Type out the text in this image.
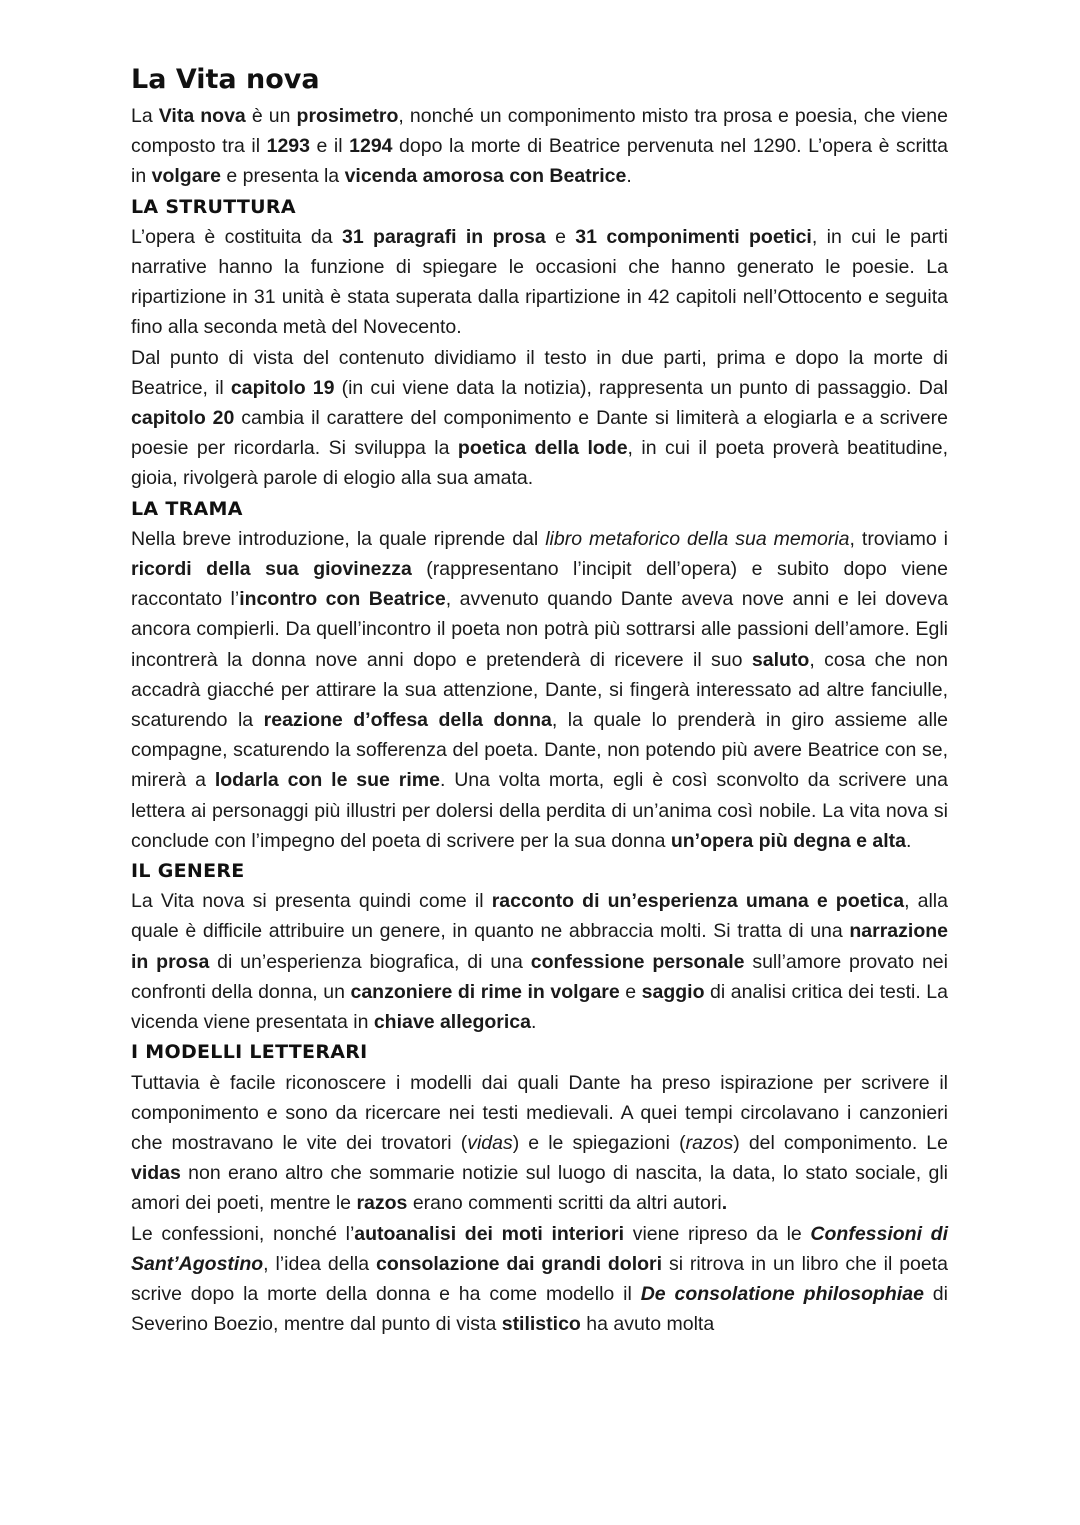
La Vita nova

La Vita nova è un prosimetro, nonché un componimento misto tra prosa e poesia, che viene composto tra il 1293 e il 1294 dopo la morte di Beatrice pervenuta nel 1290. L’opera è scritta in volgare e presenta la vicenda amorosa con Beatrice.

LA STRUTTURA

L’opera è costituita da 31 paragrafi in prosa e 31 componimenti poetici, in cui le parti narrative hanno la funzione di spiegare le occasioni che hanno generato le poesie. La ripartizione in 31 unità è stata superata dalla ripartizione in 42 capitoli nell’Ottocento e seguita fino alla seconda metà del Novecento.

Dal punto di vista del contenuto dividiamo il testo in due parti, prima e dopo la morte di Beatrice, il capitolo 19 (in cui viene data la notizia), rappresenta un punto di passaggio. Dal capitolo 20 cambia il carattere del componimento e Dante si limiterà a elogiarla e a scrivere poesie per ricordarla. Si sviluppa la poetica della lode, in cui il poeta proverà beatitudine, gioia, rivolgerà parole di elogio alla sua amata.

LA TRAMA

Nella breve introduzione, la quale riprende dal libro metaforico della sua memoria, troviamo i ricordi della sua giovinezza (rappresentano l’incipit dell’opera) e subito dopo viene raccontato l’incontro con Beatrice, avvenuto quando Dante aveva nove anni e lei doveva ancora compierli. Da quell’incontro il poeta non potrà più sottrarsi alle passioni dell’amore. Egli incontrerà la donna nove anni dopo e pretenderà di ricevere il suo saluto, cosa che non accadrà giacché per attirare la sua attenzione, Dante, si fingerà interessato ad altre fanciulle, scaturendo la reazione d’offesa della donna, la quale lo prenderà in giro assieme alle compagne, scaturendo la sofferenza del poeta. Dante, non potendo più avere Beatrice con se, mirerà a lodarla con le sue rime. Una volta morta, egli è così sconvolto da scrivere una lettera ai personaggi più illustri per dolersi della perdita di un’anima così nobile. La vita nova si conclude con l’impegno del poeta di scrivere per la sua donna un’opera più degna e alta.

IL GENERE

La Vita nova si presenta quindi come il racconto di un’esperienza umana e poetica, alla quale è difficile attribuire un genere, in quanto ne abbraccia molti. Si tratta di una narrazione in prosa di un’esperienza biografica, di una confessione personale sull’amore provato nei confronti della donna, un canzoniere di rime in volgare e saggio di analisi critica dei testi. La vicenda viene presentata in chiave allegorica.

I MODELLI LETTERARI

Tuttavia è facile riconoscere i modelli dai quali Dante ha preso ispirazione per scrivere il componimento e sono da ricercare nei testi medievali. A quei tempi circolavano i canzonieri che mostravano le vite dei trovatori (vidas) e le spiegazioni (razos) del componimento. Le vidas non erano altro che sommarie notizie sul luogo di nascita, la data, lo stato sociale, gli amori dei poeti, mentre le razos erano commenti scritti da altri autori.

Le confessioni, nonché l’autoanalisi dei moti interiori viene ripreso da le Confessioni di Sant’Agostino, l’idea della consolazione dai grandi dolori si ritrova in un libro che il poeta scrive dopo la morte della donna e ha come modello il De consolatione philosophiae di Severino Boezio, mentre dal punto di vista stilistico ha avuto molta
